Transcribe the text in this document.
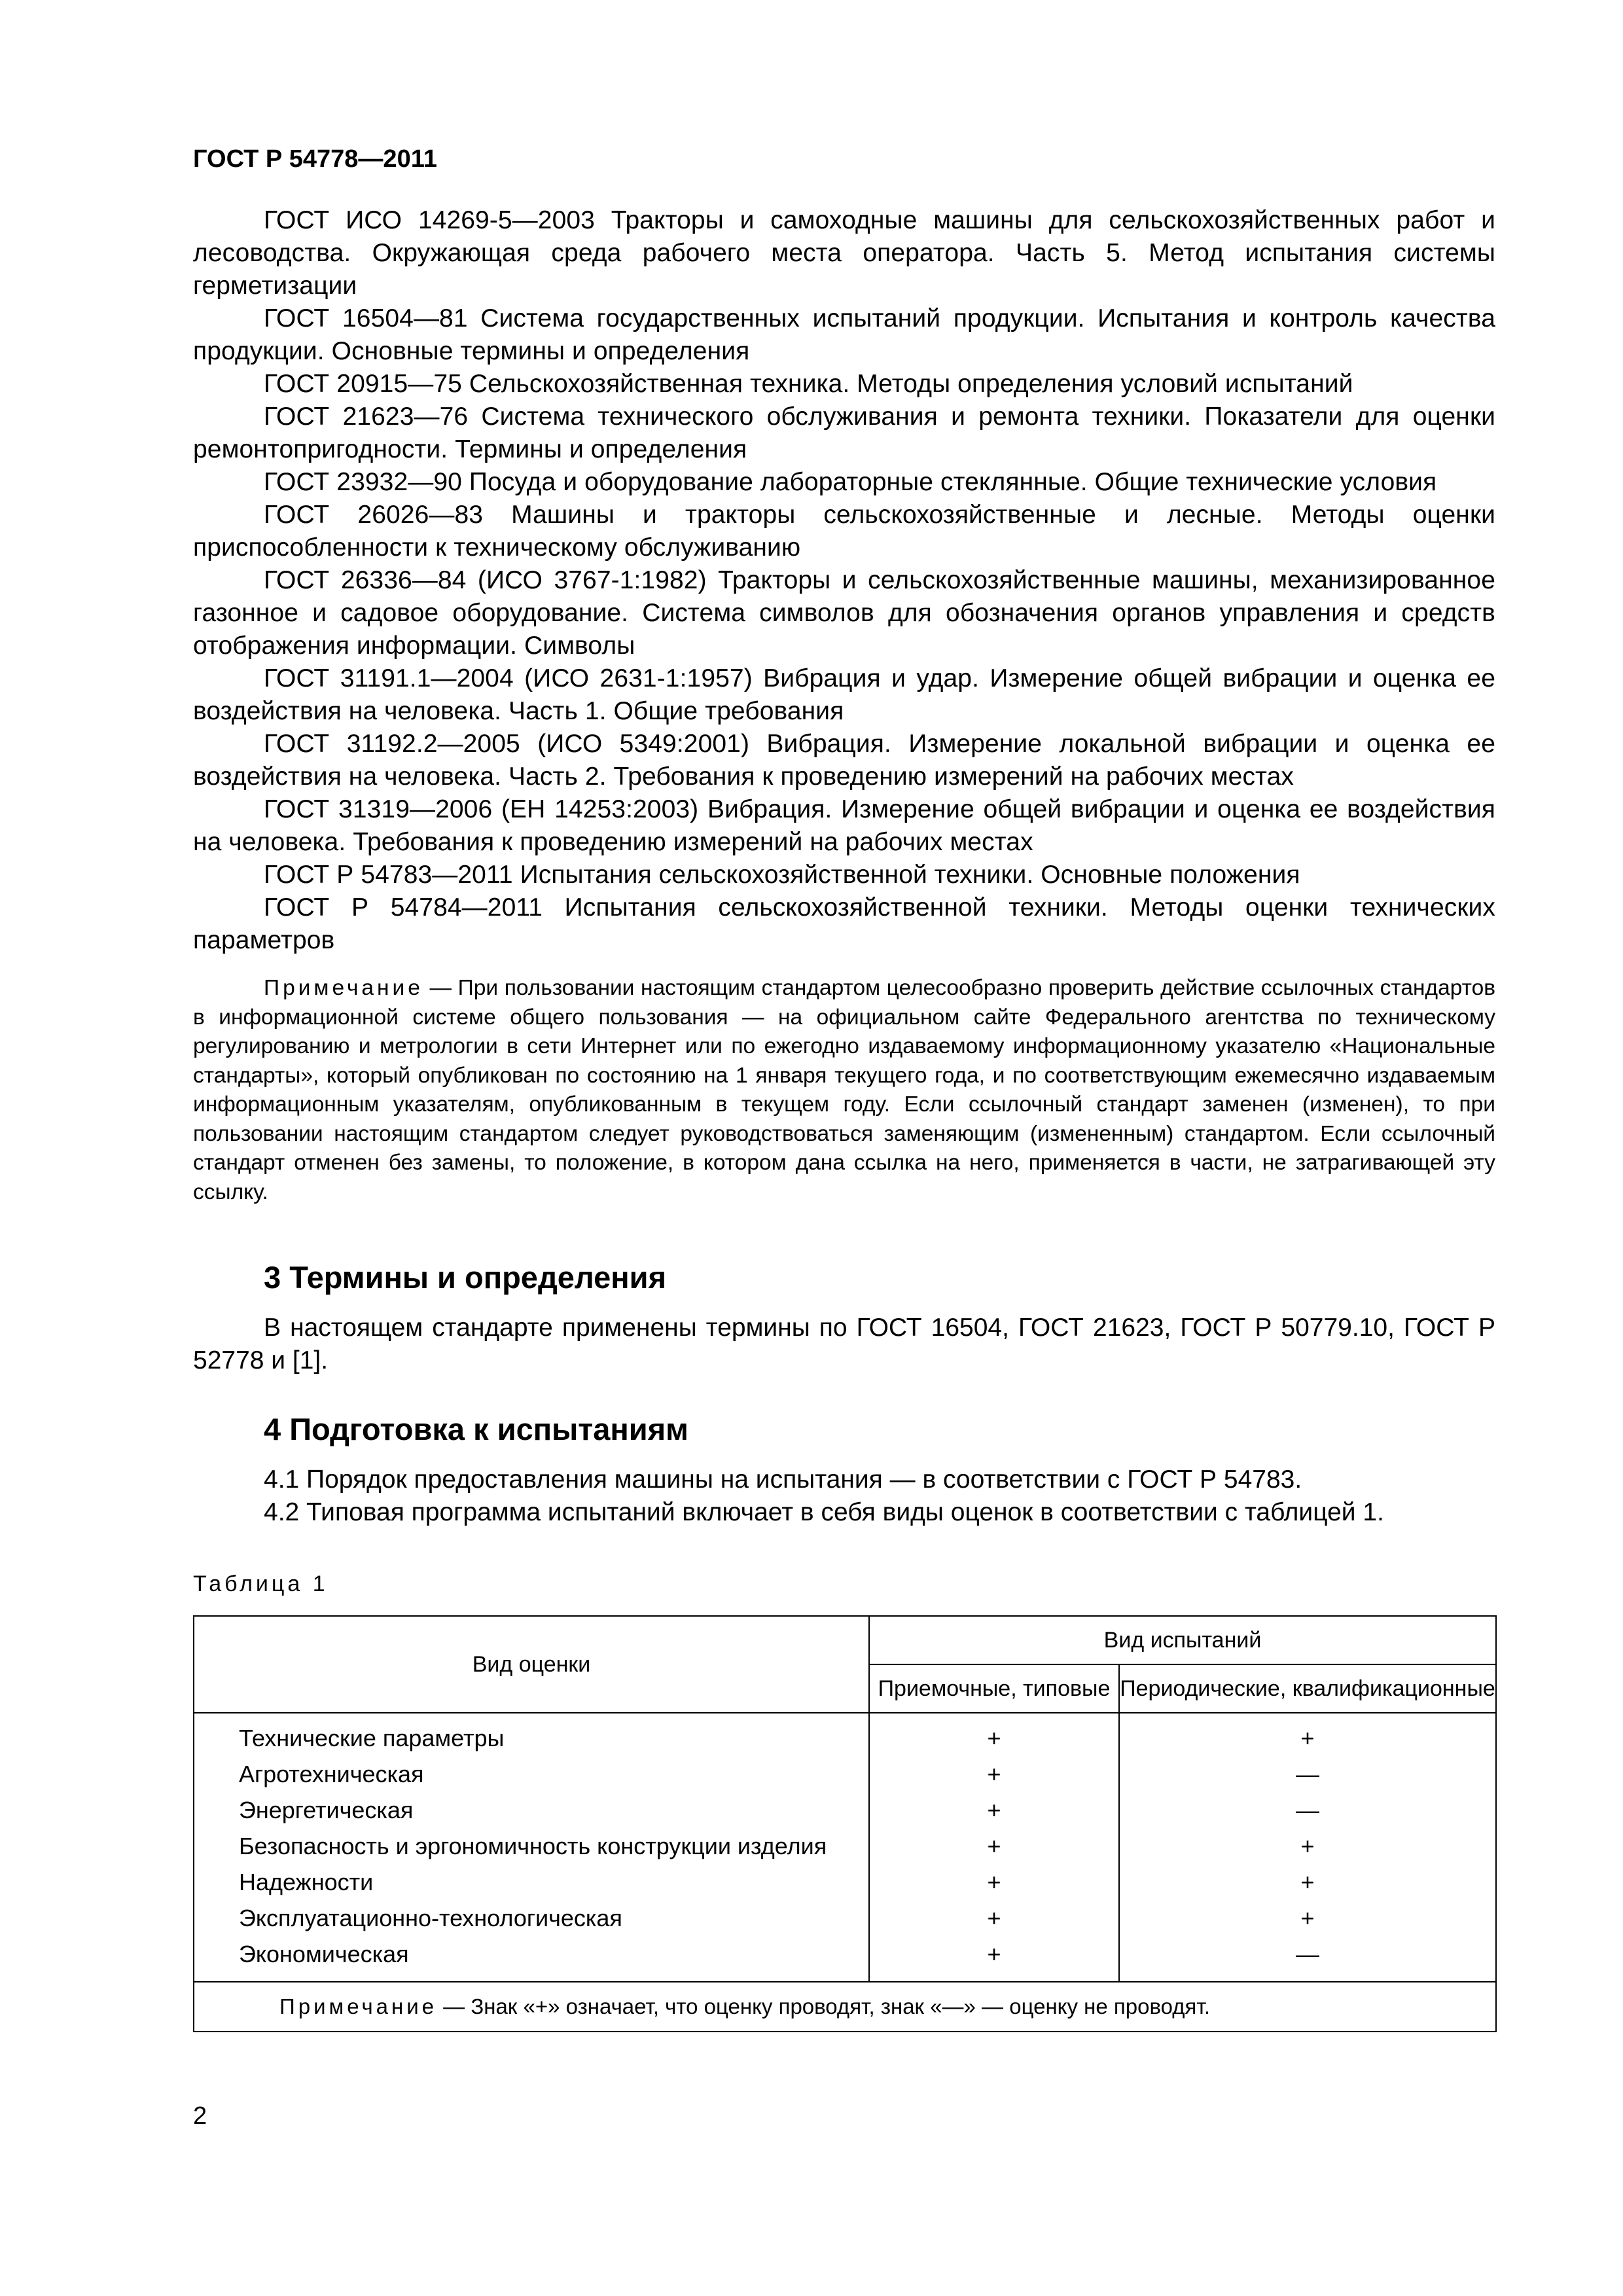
ГОСТ Р 54778—2011

ГОСТ ИСО 14269-5—2003 Тракторы и самоходные машины для сельскохозяйственных работ и лесоводства. Окружающая среда рабочего места оператора. Часть 5. Метод испытания системы герметизации

ГОСТ 16504—81 Система государственных испытаний продукции. Испытания и контроль качества продукции. Основные термины и определения

ГОСТ 20915—75 Сельскохозяйственная техника. Методы определения условий испытаний

ГОСТ 21623—76 Система технического обслуживания и ремонта техники. Показатели для оценки ремонтопригодности. Термины и определения

ГОСТ 23932—90 Посуда и оборудование лабораторные стеклянные. Общие технические условия

ГОСТ 26026—83 Машины и тракторы сельскохозяйственные и лесные. Методы оценки приспособленности к техническому обслуживанию

ГОСТ 26336—84 (ИСО 3767-1:1982) Тракторы и сельскохозяйственные машины, механизированное газонное и садовое оборудование. Система символов для обозначения органов управления и средств отображения информации. Символы

ГОСТ 31191.1—2004 (ИСО 2631-1:1957) Вибрация и удар. Измерение общей вибрации и оценка ее воздействия на человека. Часть 1. Общие требования

ГОСТ 31192.2—2005 (ИСО 5349:2001) Вибрация. Измерение локальной вибрации и оценка ее воздействия на человека. Часть 2. Требования к проведению измерений на рабочих местах

ГОСТ 31319—2006 (ЕН 14253:2003) Вибрация. Измерение общей вибрации и оценка ее воздействия на человека. Требования к проведению измерений на рабочих местах

ГОСТ Р 54783—2011 Испытания сельскохозяйственной техники. Основные положения

ГОСТ Р 54784—2011 Испытания сельскохозяйственной техники. Методы оценки технических параметров

Примечание — При пользовании настоящим стандартом целесообразно проверить действие ссылочных стандартов в информационной системе общего пользования — на официальном сайте Федерального агентства по техническому регулированию и метрологии в сети Интернет или по ежегодно издаваемому информационному указателю «Национальные стандарты», который опубликован по состоянию на 1 января текущего года, и по соответствующим ежемесячно издаваемым информационным указателям, опубликованным в текущем году. Если ссылочный стандарт заменен (изменен), то при пользовании настоящим стандартом следует руководствоваться заменяющим (измененным) стандартом. Если ссылочный стандарт отменен без замены, то положение, в котором дана ссылка на него, применяется в части, не затрагивающей эту ссылку.
3 Термины и определения

В настоящем стандарте применены термины по ГОСТ 16504, ГОСТ 21623, ГОСТ Р 50779.10, ГОСТ Р 52778 и [1].

4 Подготовка к испытаниям

4.1 Порядок предоставления машины на испытания — в соответствии с ГОСТ Р 54783.

4.2 Типовая программа испытаний включает в себя виды оценок в соответствии с таблицей 1.

Таблица 1
Вид оценки	Вид испытаний	
	Приемочные, типовые	Периодические, квалификационные
Технические параметры	+	+
Агротехническая	+	—
Энергетическая	+	—
Безопасность и эргономичность конструкции изделия	+	+
Надежности	+	+
Эксплуатационно-технологическая	+	+
Экономическая	+	—
Примечание — Знак «+» означает, что оценку проводят, знак «—» — оценку не проводят.		
2
